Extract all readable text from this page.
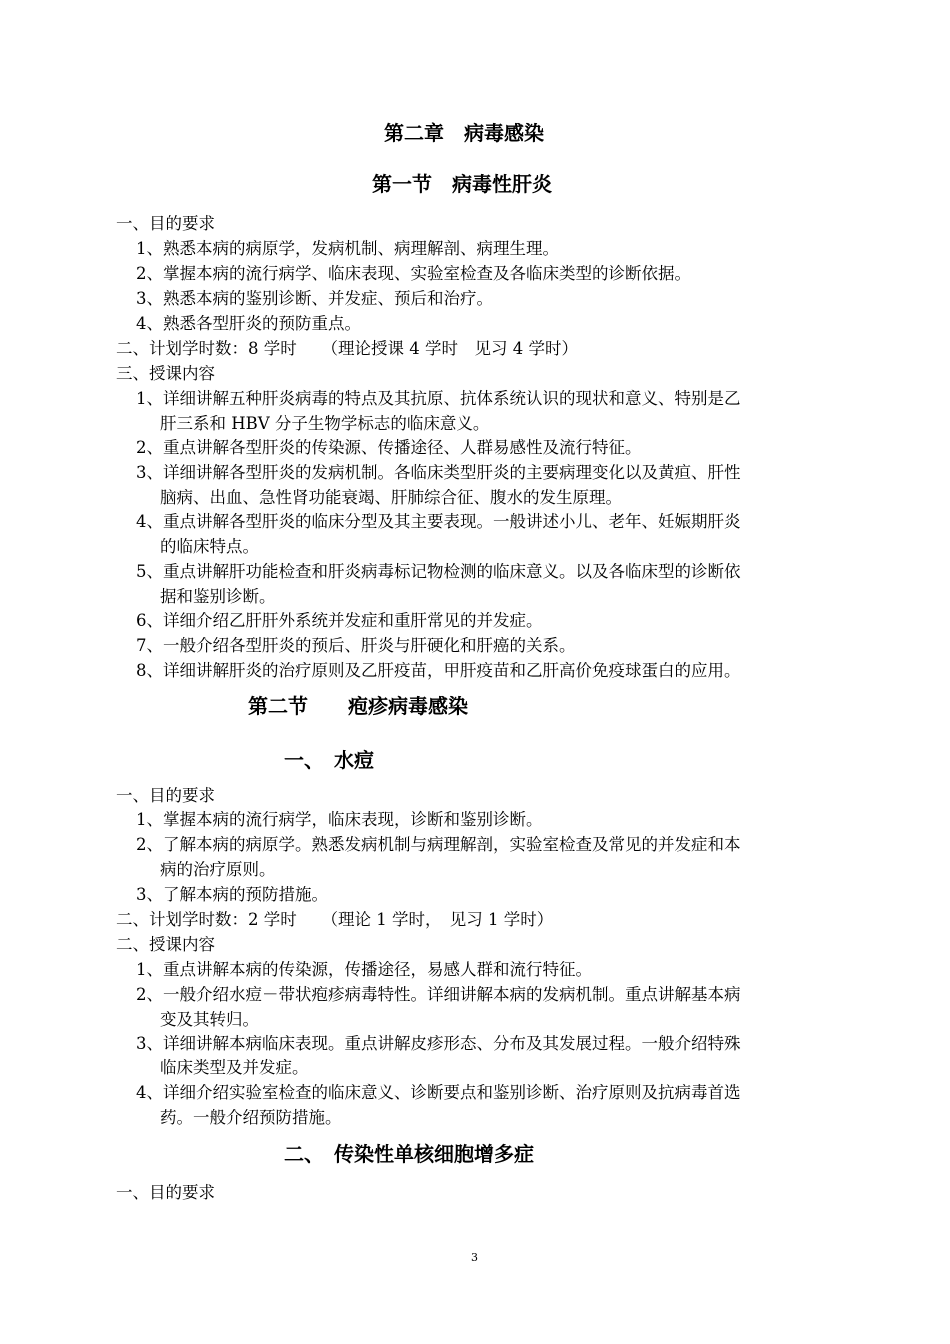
第二章　病毒感染
第一节　病毒性肝炎
一、目的要求
1、熟悉本病的病原学，发病机制、病理解剖、病理生理。
2、掌握本病的流行病学、临床表现、实验室检查及各临床类型的诊断依据。
3、熟悉本病的鉴别诊断、并发症、预后和治疗。
4、熟悉各型肝炎的预防重点。
二、计划学时数：8 学时　　（理论授课 4 学时　见习 4 学时）
三、授课内容
1、详细讲解五种肝炎病毒的特点及其抗原、抗体系统认识的现状和意义、特别是乙
肝三系和 HBV 分子生物学标志的临床意义。
2、重点讲解各型肝炎的传染源、传播途径、人群易感性及流行特征。
3、详细讲解各型肝炎的发病机制。各临床类型肝炎的主要病理变化以及黄疸、肝性
脑病、出血、急性肾功能衰竭、肝肺综合征、腹水的发生原理。
4、重点讲解各型肝炎的临床分型及其主要表现。一般讲述小儿、老年、妊娠期肝炎
的临床特点。
5、重点讲解肝功能检查和肝炎病毒标记物检测的临床意义。以及各临床型的诊断依
据和鉴别诊断。
6、详细介绍乙肝肝外系统并发症和重肝常见的并发症。
7、一般介绍各型肝炎的预后、肝炎与肝硬化和肝癌的关系。
8、详细讲解肝炎的治疗原则及乙肝疫苗，甲肝疫苗和乙肝高价免疫球蛋白的应用。
第二节　　疱疹病毒感染
一、　水痘
一、目的要求
1、掌握本病的流行病学，临床表现，诊断和鉴别诊断。
2、了解本病的病原学。熟悉发病机制与病理解剖，实验室检查及常见的并发症和本
病的治疗原则。
3、了解本病的预防措施。
二、计划学时数：2 学时　　（理论 1 学时，　见习 1 学时）
二、授课内容
1、重点讲解本病的传染源，传播途径，易感人群和流行特征。
2、一般介绍水痘－带状疱疹病毒特性。详细讲解本病的发病机制。重点讲解基本病
变及其转归。
3、详细讲解本病临床表现。重点讲解皮疹形态、分布及其发展过程。一般介绍特殊
临床类型及并发症。
4、详细介绍实验室检查的临床意义、诊断要点和鉴别诊断、治疗原则及抗病毒首选
药。一般介绍预防措施。
二、　传染性单核细胞增多症
一、目的要求
3
